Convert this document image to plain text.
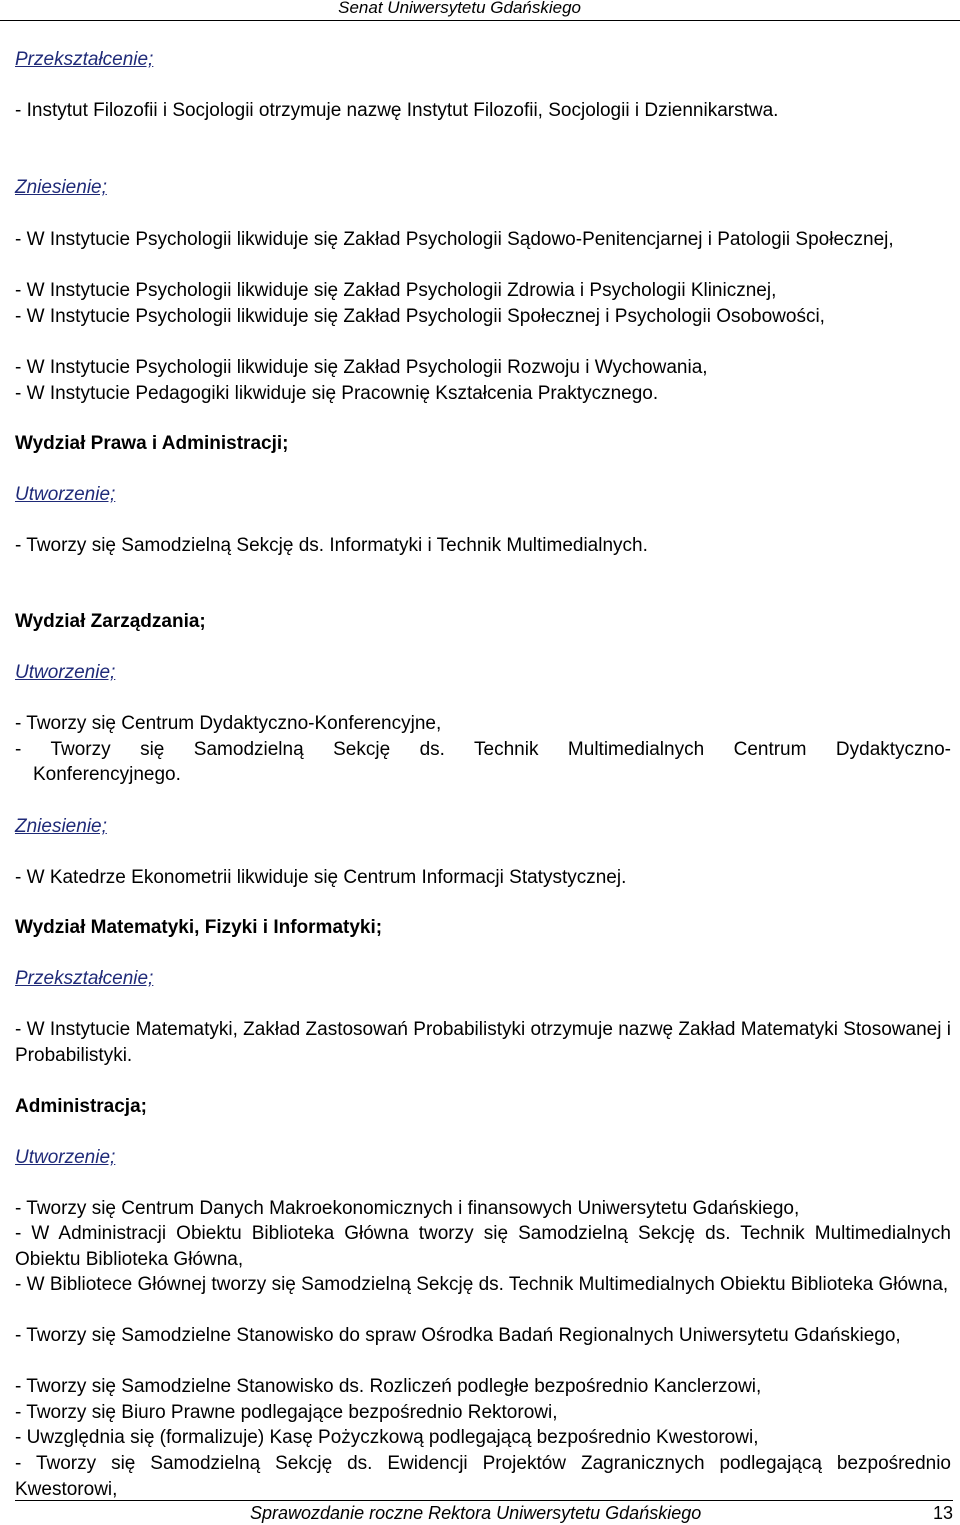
Senat Uniwersytetu Gdańskiego
Przekształcenie;
- Instytut Filozofii i Socjologii otrzymuje nazwę Instytut Filozofii, Socjologii i Dziennikarstwa.
Zniesienie;
- W Instytucie Psychologii likwiduje się Zakład Psychologii Sądowo-Penitencjarnej i Patologii Społecznej,
- W Instytucie Psychologii likwiduje się Zakład Psychologii Zdrowia i Psychologii Klinicznej,
- W Instytucie Psychologii likwiduje się Zakład Psychologii Społecznej i Psychologii Osobowości,
- W Instytucie Psychologii likwiduje się Zakład Psychologii Rozwoju i Wychowania,
- W Instytucie Pedagogiki likwiduje się Pracownię Kształcenia Praktycznego.
Wydział Prawa i Administracji;
Utworzenie;
- Tworzy się Samodzielną Sekcję ds. Informatyki i Technik Multimedialnych.
Wydział Zarządzania;
Utworzenie;
- Tworzy się Centrum Dydaktyczno-Konferencyjne,
- Tworzy się Samodzielną Sekcję ds. Technik Multimedialnych Centrum Dydaktyczno-
Konferencyjnego.
Zniesienie;
- W Katedrze Ekonometrii likwiduje się Centrum Informacji Statystycznej.
Wydział Matematyki, Fizyki i Informatyki;
Przekształcenie;
- W Instytucie Matematyki, Zakład Zastosowań Probabilistyki otrzymuje nazwę Zakład Matematyki Stosowanej i Probabilistyki.
Administracja;
Utworzenie;
- Tworzy się Centrum Danych Makroekonomicznych i finansowych Uniwersytetu Gdańskiego,
- W Administracji Obiektu Biblioteka Główna tworzy się Samodzielną Sekcję ds. Technik Multimedialnych Obiektu Biblioteka Główna,
- W Bibliotece Głównej tworzy się Samodzielną Sekcję ds. Technik Multimedialnych Obiektu Biblioteka Główna,
- Tworzy się Samodzielne Stanowisko do spraw Ośrodka Badań Regionalnych Uniwersytetu Gdańskiego,
- Tworzy się Samodzielne Stanowisko ds. Rozliczeń podległe bezpośrednio Kanclerzowi,
- Tworzy się Biuro Prawne podlegające bezpośrednio Rektorowi,
- Uwzględnia się (formalizuje) Kasę Pożyczkową podlegającą bezpośrednio Kwestorowi,
- Tworzy się Samodzielną Sekcję ds. Ewidencji Projektów Zagranicznych podlegającą bezpośrednio Kwestorowi,
Sprawozdanie roczne Rektora Uniwersytetu Gdańskiego	13
